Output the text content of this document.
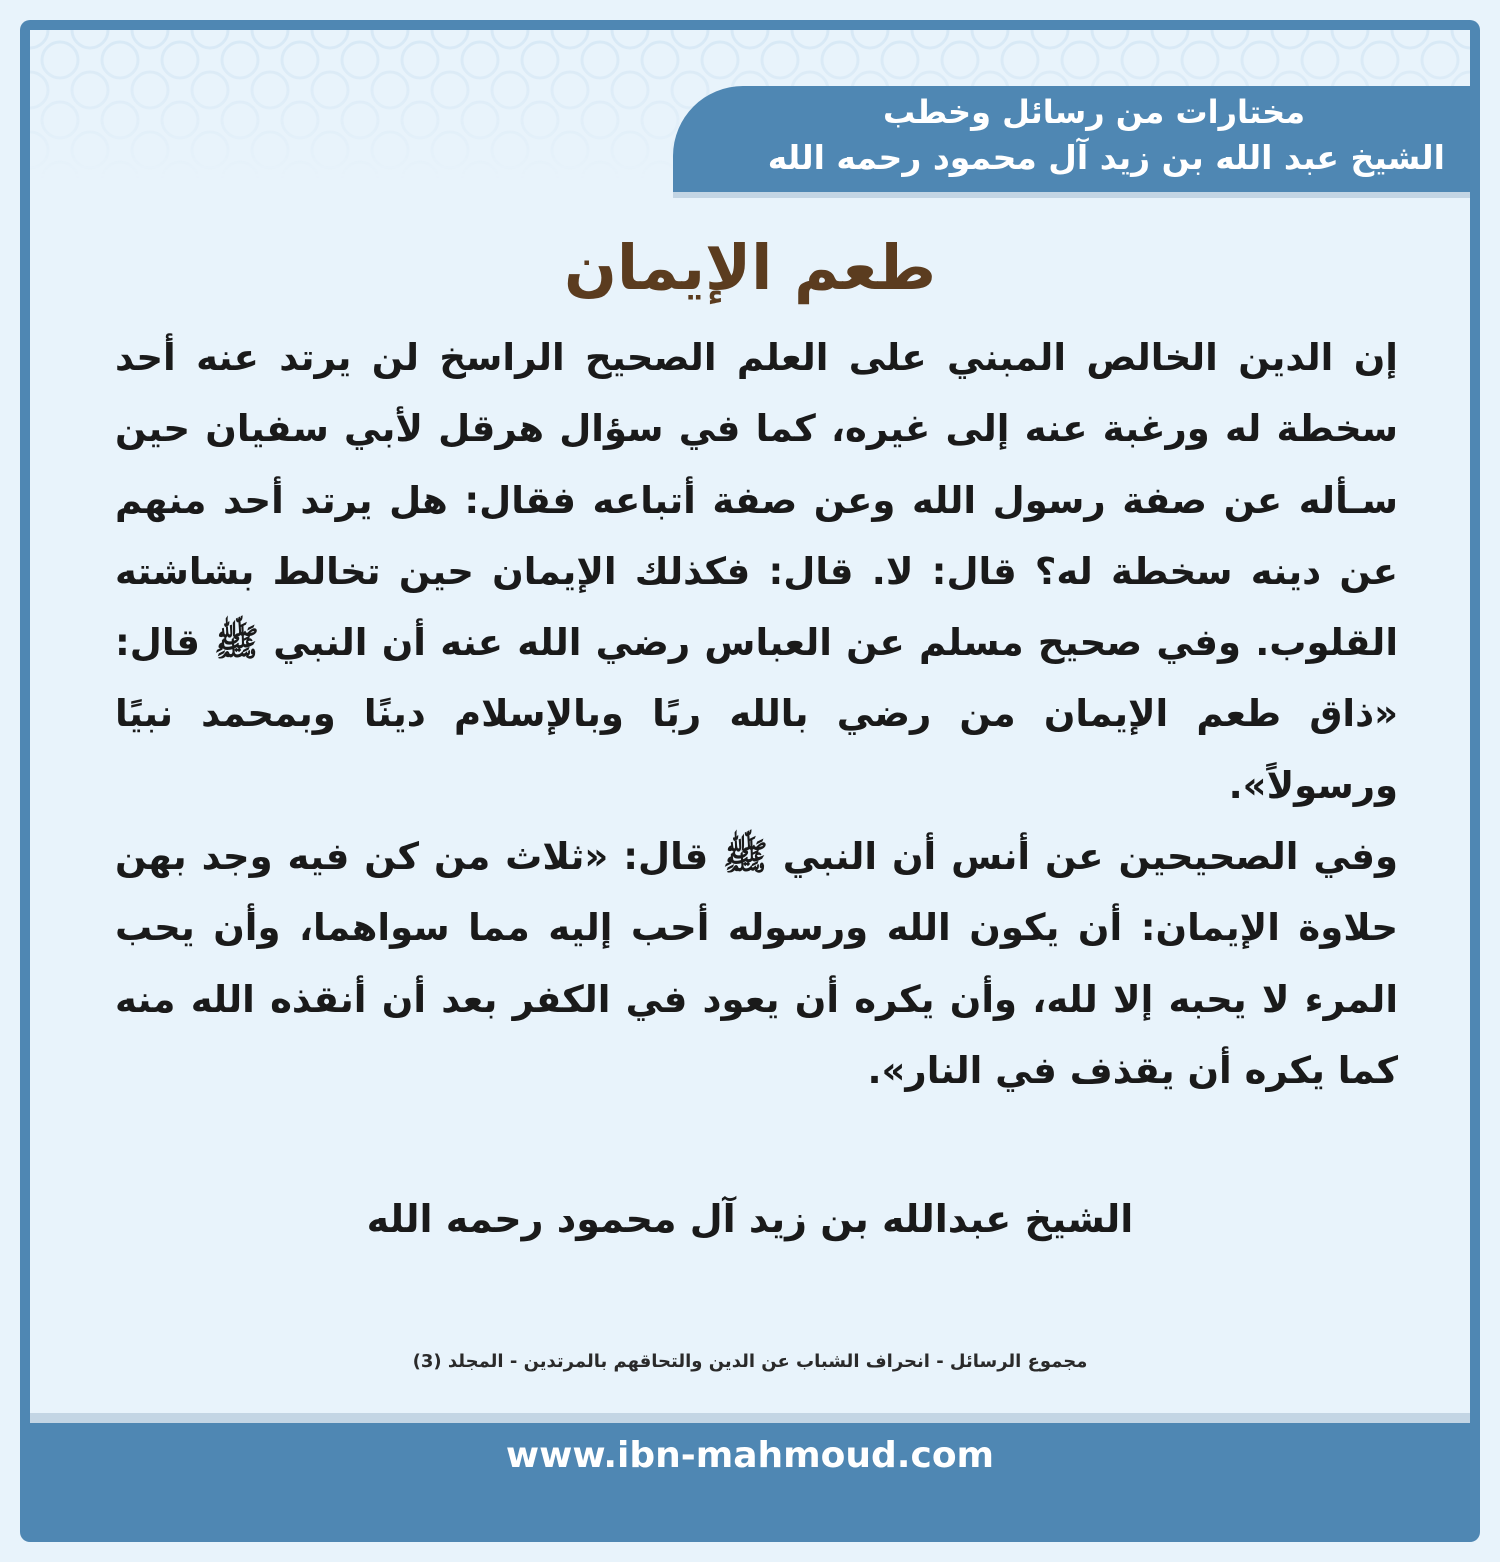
مختارات من رسائل وخطب
الشيخ عبد الله بن زيد آل محمود رحمه الله
طعم الإيمان

إن الدين الخالص المبني على العلم الصحيح الراسخ لن يرتد عنه أحد سخطة له ورغبة عنه إلى غيره، كما في سؤال هرقل لأبي سفيان حين سـأله عن صفة رسول الله وعن صفة أتباعه فقال: هل يرتد أحد منهم عن دينه سخطة له؟ قال: لا. قال: فكذلك الإيمان حين تخالط بشاشته القلوب. وفي صحيح مسلم عن العباس رضي الله عنه أن النبي ﷺ قال: «ذاق طعم الإيمان من رضي بالله ربًا وبالإسلام دينًا وبمحمد نبيًا ورسولاً».

وفي الصحيحين عن أنس أن النبي ﷺ قال: «ثلاث من كن فيه وجد بهن حلاوة الإيمان: أن يكون الله ورسوله أحب إليه مما سواهما، وأن يحب المرء لا يحبه إلا لله، وأن يكره أن يعود في الكفر بعد أن أنقذه الله منه كما يكره أن يقذف في النار».

الشيخ عبدالله بن زيد آل محمود رحمه الله
مجموع الرسائل - انحراف الشباب عن الدين والتحاقهم بالمرتدين - المجلد (3)
www.ibn-mahmoud.com
